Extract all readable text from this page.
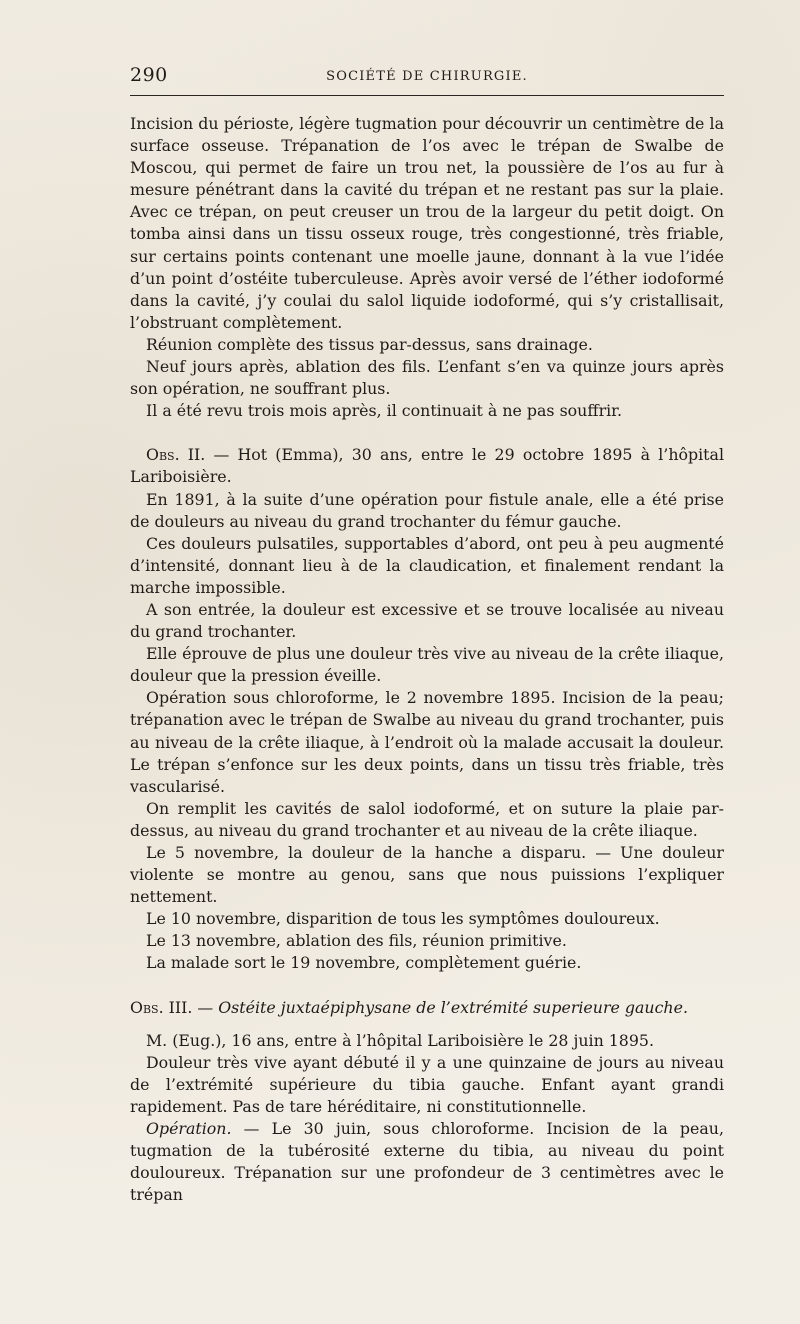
290	SOCIÉTÉ DE CHIRURGIE.

Incision du périoste, légère tugmation pour découvrir un centimètre de la surface osseuse. Trépanation de l’os avec le trépan de Swalbe de Moscou, qui permet de faire un trou net, la poussière de l’os au fur à mesure pénétrant dans la cavité du trépan et ne restant pas sur la plaie. Avec ce trépan, on peut creuser un trou de la largeur du petit doigt. On tomba ainsi dans un tissu osseux rouge, très congestionné, très friable, sur certains points contenant une moelle jaune, donnant à la vue l’idée d’un point d’ostéite tuberculeuse. Après avoir versé de l’éther iodoformé dans la cavité, j’y coulai du salol liquide iodoformé, qui s’y cristallisait, l’obstruant complètement.

Réunion complète des tissus par-dessus, sans drainage.

Neuf jours après, ablation des fils. L’enfant s’en va quinze jours après son opération, ne souffrant plus.

Il a été revu trois mois après, il continuait à ne pas souffrir.

Obs. II. — Hot (Emma), 30 ans, entre le 29 octobre 1895 à l’hôpital Lariboisière.

En 1891, à la suite d’une opération pour fistule anale, elle a été prise de douleurs au niveau du grand trochanter du fémur gauche.

Ces douleurs pulsatiles, supportables d’abord, ont peu à peu augmenté d’intensité, donnant lieu à de la claudication, et finalement rendant la marche impossible.

A son entrée, la douleur est excessive et se trouve localisée au niveau du grand trochanter.

Elle éprouve de plus une douleur très vive au niveau de la crête iliaque, douleur que la pression éveille.

Opération sous chloroforme, le 2 novembre 1895. Incision de la peau; trépanation avec le trépan de Swalbe au niveau du grand trochanter, puis au niveau de la crête iliaque, à l’endroit où la malade accusait la douleur. Le trépan s’enfonce sur les deux points, dans un tissu très friable, très vascularisé.

On remplit les cavités de salol iodoformé, et on suture la plaie par-dessus, au niveau du grand trochanter et au niveau de la crête iliaque.

Le 5 novembre, la douleur de la hanche a disparu. — Une douleur violente se montre au genou, sans que nous puissions l’expliquer nettement.

Le 10 novembre, disparition de tous les symptômes douloureux.

Le 13 novembre, ablation des fils, réunion primitive.

La malade sort le 19 novembre, complètement guérie.

Obs. III. — Ostéite juxtaépiphysane de l’extrémité superieure gauche.

M. (Eug.), 16 ans, entre à l’hôpital Lariboisière le 28 juin 1895.

Douleur très vive ayant débuté il y a une quinzaine de jours au niveau de l’extrémité supérieure du tibia gauche. Enfant ayant grandi rapidement. Pas de tare héréditaire, ni constitutionnelle.

Opération. — Le 30 juin, sous chloroforme. Incision de la peau, tugmation de la tubérosité externe du tibia, au niveau du point douloureux. Trépanation sur une profondeur de 3 centimètres avec le trépan
